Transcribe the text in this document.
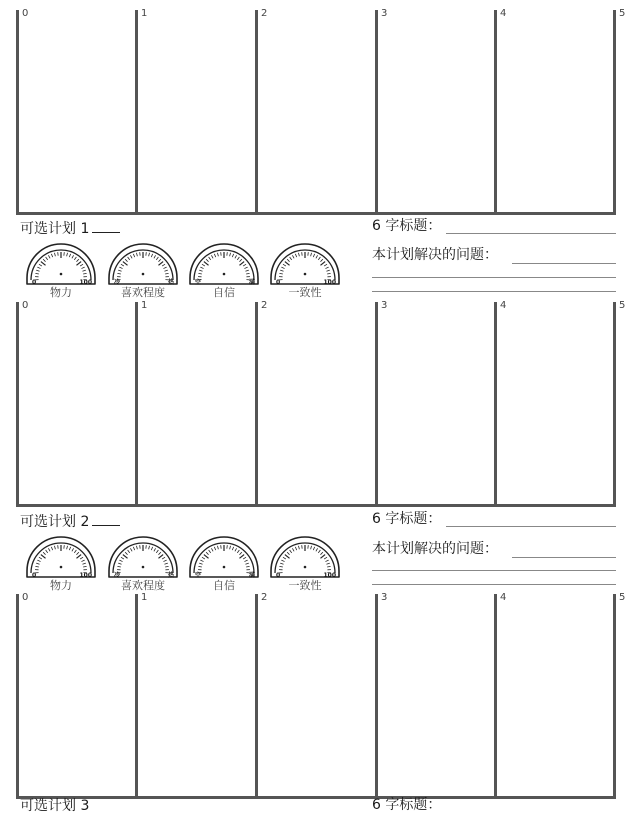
0	1	2	3	4	5
可选计划 1
0	100
物力
冷	热
喜欢程度
空	满
自信
0	100
一致性
6 字标题：
本计划解决的问题：
0	1	2	3	4	5
可选计划 2
0	100
物力
冷	热
喜欢程度
空	满
自信
0	100
一致性
6 字标题：
本计划解决的问题：
0	1	2	3	4	5
可选计划 3	6 字标题：
